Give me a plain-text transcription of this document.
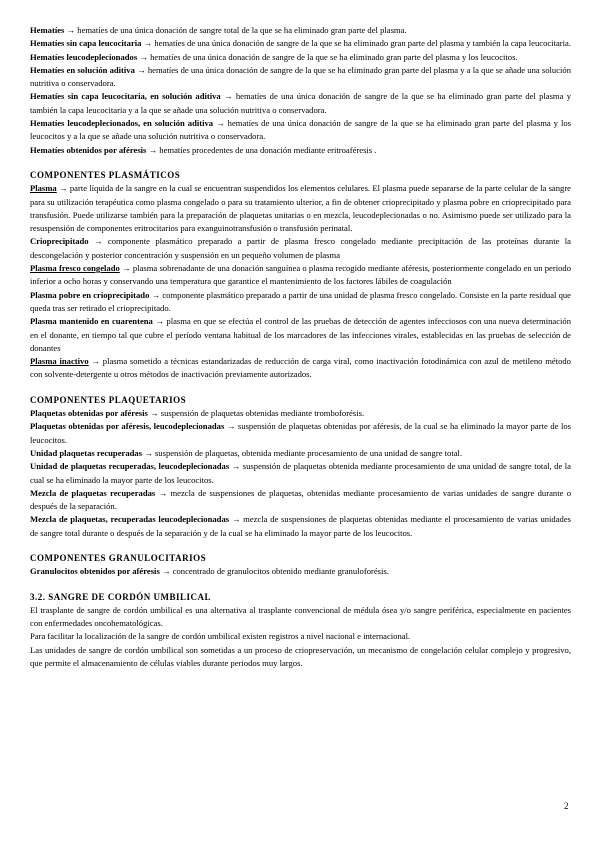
Hematíes → hematíes de una única donación de sangre total de la que se ha eliminado gran parte del plasma.

Hematíes sin capa leucocitaria → hematíes de una única donación de sangre de la que se ha eliminado gran parte del plasma y también la capa leucocitaria.

Hematíes leucodeplecionados → hematíes de una única donación de sangre de la que se ha eliminado gran parte del plasma y los leucocitos.

Hematíes en solución aditiva → hematíes de una única donación de sangre de la que se ha eliminado gran parte del plasma y a la que se añade una solución nutritiva o conservadora.

Hematíes sin capa leucocitaria, en solución aditiva → hematíes de una única donación de sangre de la que se ha eliminado gran parte del plasma y también la capa leucocitaria y a la que se añade una solución nutritiva o conservadora.

Hematíes leucodeplecionados, en solución aditiva → hematíes de una única donación de sangre de la que se ha eliminado gran parte del plasma y los leucocitos y a la que se añade una solución nutritiva o conservadora.

Hematíes obtenidos por aféresis → hematíes procedentes de una donación mediante eritroaféresis .

COMPONENTES PLASMÁTICOS

Plasma → parte líquida de la sangre en la cual se encuentran suspendidos los elementos celulares. El plasma puede separarse de la parte celular de la sangre para su utilización terapéutica como plasma congelado o para su tratamiento ulterior, a fin de obtener crioprecipitado y plasma pobre en crioprecipitado para transfusión. Puede utilizarse también para la preparación de plaquetas unitarias o en mezcla, leucodeplecionadas o no. Asimismo puede ser utilizado para la resuspensión de componentes eritrocitarios para exanguinotransfusión o transfusión perinatal.

Crioprecipitado → componente plasmático preparado a partir de plasma fresco congelado mediante precipitación de las proteínas durante la descongelación y posterior concentración y suspensión en un pequeño volumen de plasma

Plasma fresco congelado → plasma sobrenadante de una donación sanguínea o plasma recogido mediante aféresis, posteriormente congelado en un periodo inferior a ocho horas y conservando una temperatura que garantice el mantenimiento de los factores lábiles de coagulación

Plasma pobre en crioprecipitado → componente plasmático preparado a partir de una unidad de plasma fresco congelado. Consiste en la parte residual que queda tras ser retirado el crioprecipitado.

Plasma mantenido en cuarentena → plasma en que se efectúa el control de las pruebas de detección de agentes infecciosos con una nueva determinación en el donante, en tiempo tal que cubre el período ventana habitual de los marcadores de las infecciones virales, establecidas en las pruebas de selección de donantes

Plasma inactivo → plasma sometido a técnicas estandarizadas de reducción de carga viral, como inactivación fotodinámica con azul de metileno método con solvente-detergente u otros métodos de inactivación previamente autorizados.

COMPONENTES PLAQUETARIOS

Plaquetas obtenidas por aféresis → suspensión de plaquetas obtenidas mediante tromboforésis.

Plaquetas obtenidas por aféresis, leucodeplecionadas → suspensión de plaquetas obtenidas por aféresis, de la cual se ha eliminado la mayor parte de los leucocitos.

Unidad plaquetas recuperadas → suspensión de plaquetas, obtenida mediante procesamiento de una unidad de sangre total.

Unidad de plaquetas recuperadas, leucodeplecionadas → suspensión de plaquetas obtenida mediante procesamiento de una unidad de sangre total, de la cual se ha eliminado la mayor parte de los leucocitos.

Mezcla de plaquetas recuperadas → mezcla de suspensiones de plaquetas, obtenidas mediante procesamiento de varias unidades de sangre durante o después de la separación.

Mezcla de plaquetas, recuperadas leucodeplecionadas → mezcla de suspensiones de plaquetas obtenidas mediante el procesamiento de varias unidades de sangre total durante o después de la separación y de la cual se ha eliminado la mayor parte de los leucocitos.

COMPONENTES GRANULOCITARIOS

Granulocitos obtenidos por aféresis → concentrado de granulocitos obtenido mediante granuloforésis.

3.2. SANGRE DE CORDÓN UMBILICAL

El trasplante de sangre de cordón umbilical es una alternativa al trasplante convencional de médula ósea y/o sangre periférica, especialmente en pacientes con enfermedades oncohematológicas.

Para facilitar la localización de la sangre de cordón umbilical existen registros a nivel nacional e internacional.

Las unidades de sangre de cordón umbilical son sometidas a un proceso de criopreservación, un mecanismo de congelación celular complejo y progresivo, que permite el almacenamiento de células viables durante periodos muy largos.

2
